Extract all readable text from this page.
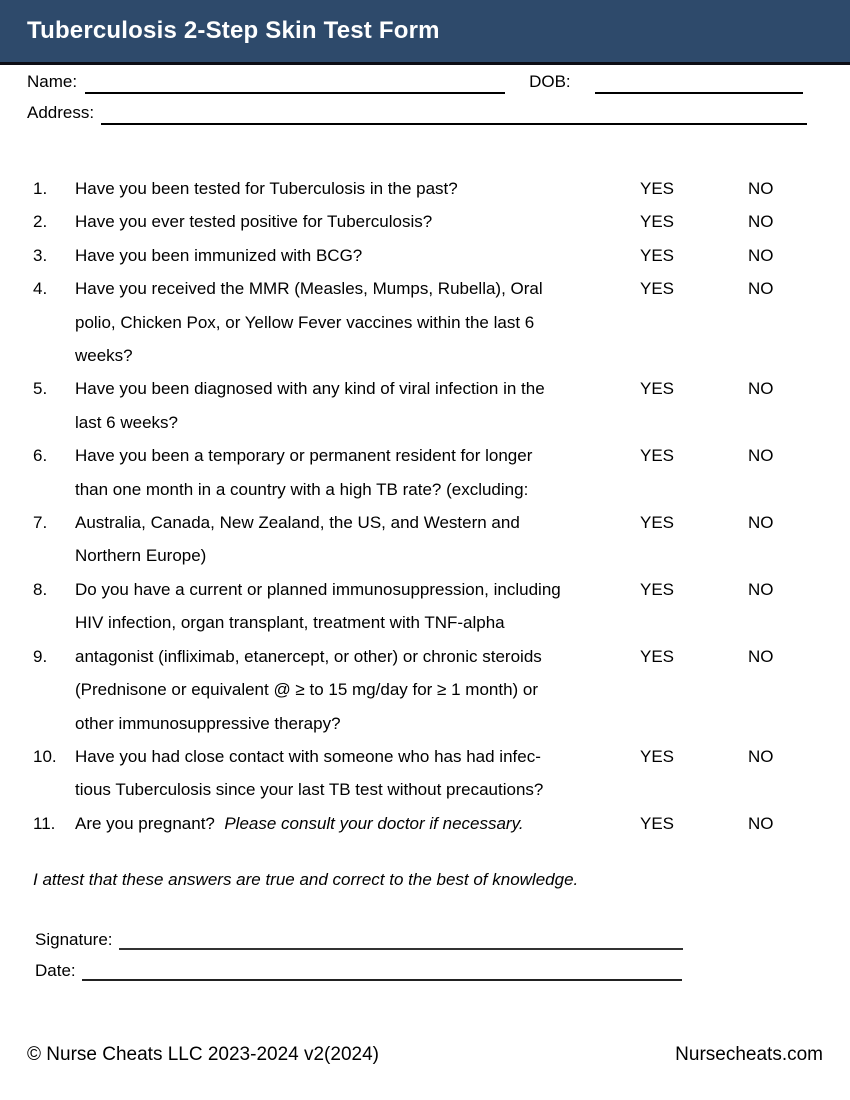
Tuberculosis 2-Step Skin Test Form
Name:	DOB:
Address:
1.	Have you been tested for Tuberculosis in the past?	YES	NO
2.	Have you ever tested positive for Tuberculosis?	YES	NO
3.	Have you been immunized with BCG?	YES	NO
4.	Have you received the MMR (Measles, Mumps, Rubella), Oral
polio, Chicken Pox, or Yellow Fever vaccines within the last 6
weeks?
YES	NO
5.	Have you been diagnosed with any kind of viral infection in the
last 6 weeks?
YES	NO
6.	Have you been a temporary or permanent resident for longer
than one month in a country with a high TB rate? (excluding:
YES	NO
7.	Australia, Canada, New Zealand, the US, and Western and
Northern Europe)
YES	NO
8.	Do you have a current or planned immunosuppression, including
HIV infection, organ transplant, treatment with TNF-alpha
YES	NO
9.	antagonist (infliximab, etanercept, or other) or chronic steroids
(Prednisone or equivalent @ ≥ to 15 mg/day for ≥ 1 month) or
other immunosuppressive therapy?
YES	NO
10.	Have you had close contact with someone who has had infec-
tious Tuberculosis since your last TB test without precautions?
YES	NO
11.	Are you pregnant?  Please consult your doctor if necessary.	YES	NO
I attest that these answers are true and correct to the best of knowledge.
Signature:
Date:
© Nurse Cheats LLC 2023-2024 v2(2024)	Nursecheats.com
